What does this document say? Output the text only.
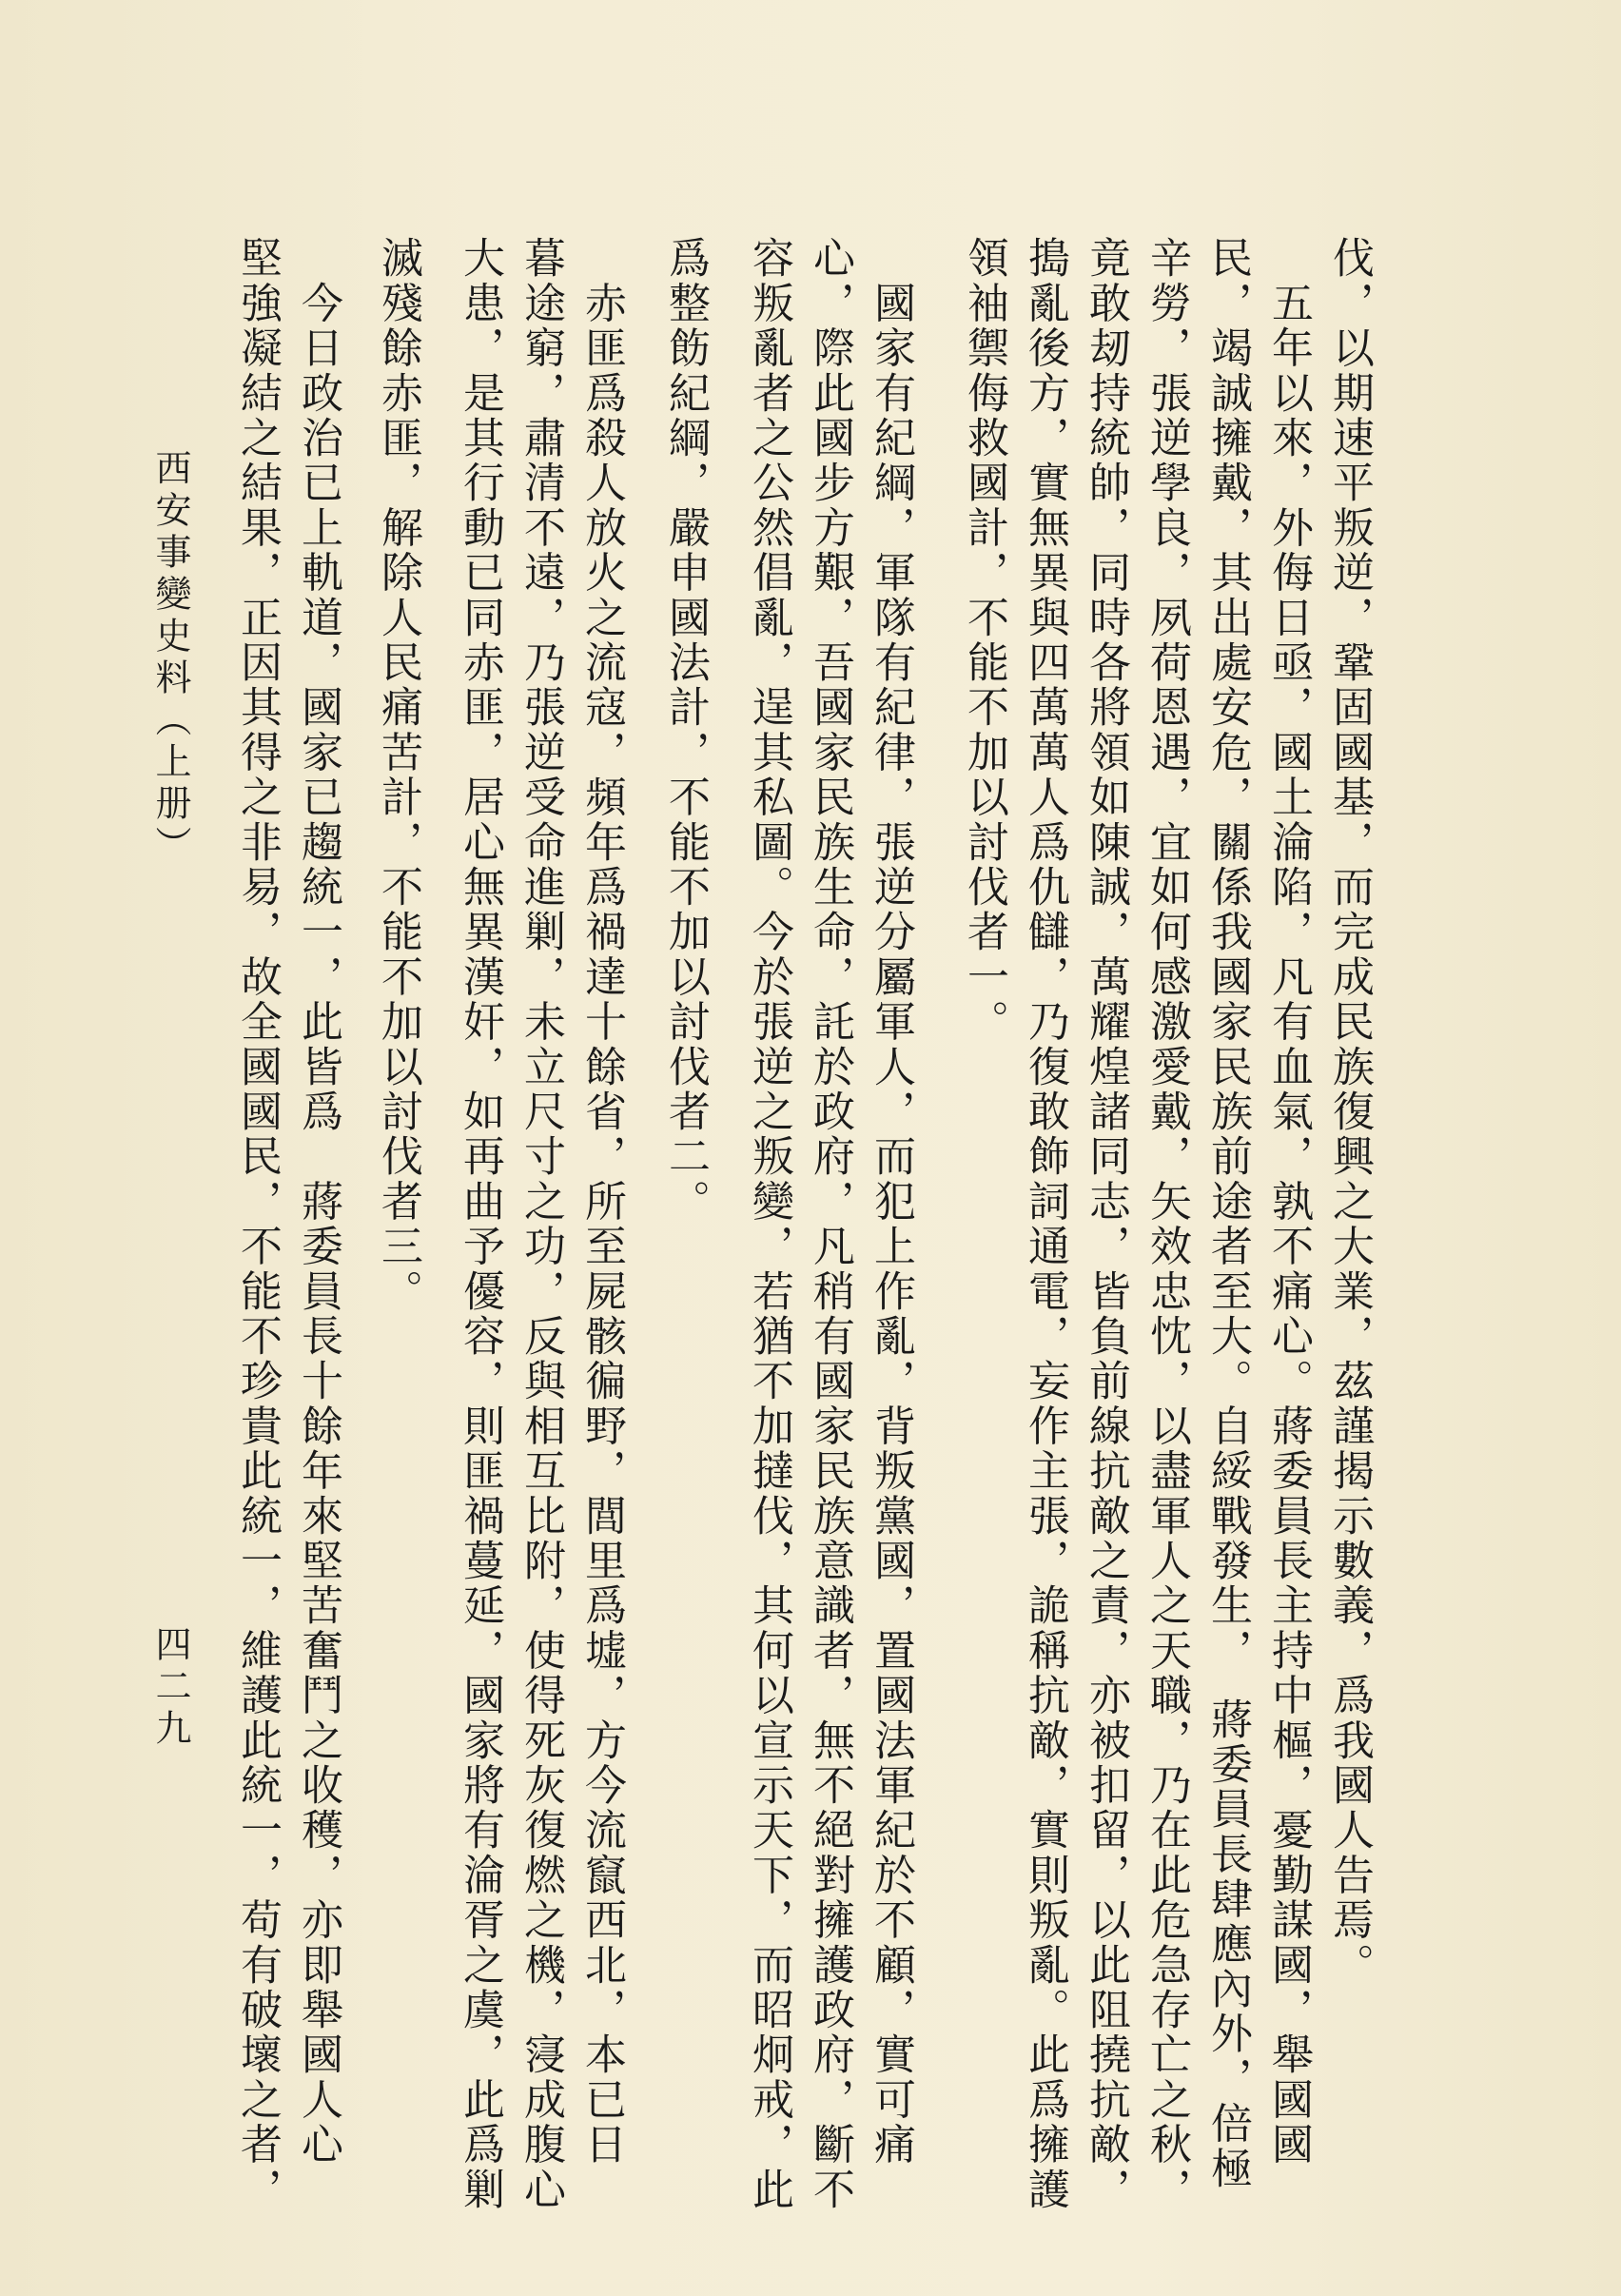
伐，以期速平叛逆，鞏固國基，而完成民族復興之大業，茲謹揭示數義，爲我國人告焉。
　五年以來，外侮日亟，國土淪陷，凡有血氣，孰不痛心。蔣委員長主持中樞，憂勤謀國，舉國國
民，竭誠擁戴，其出處安危，關係我國家民族前途者至大。自綏戰發生，　蔣委員長肆應內外，倍極
辛勞，張逆學良，夙荷恩遇，宜如何感激愛戴，矢效忠忱，以盡軍人之天職，乃在此危急存亡之秋，
竟敢刼持統帥，同時各將領如陳誠，萬耀煌諸同志，皆負前線抗敵之責，亦被扣留，以此阻撓抗敵，
搗亂後方，實無異與四萬萬人爲仇讎，乃復敢飾詞通電，妄作主張，詭稱抗敵，實則叛亂。此爲擁護
領袖禦侮救國計，不能不加以討伐者一。
　國家有紀綱，軍隊有紀律，張逆分屬軍人，而犯上作亂，背叛黨國，置國法軍紀於不顧，實可痛
心，際此國步方艱，吾國家民族生命，託於政府，凡稍有國家民族意識者，無不絕對擁護政府，斷不
容叛亂者之公然倡亂，逞其私圖。今於張逆之叛變，若猶不加撻伐，其何以宣示天下，而昭炯戒，此
爲整飭紀綱，嚴申國法計，不能不加以討伐者二。
　赤匪爲殺人放火之流寇，頻年爲禍達十餘省，所至屍骸徧野，閭里爲墟，方今流竄西北，本已日
暮途窮，肅清不遠，乃張逆受命進剿，未立尺寸之功，反與相互比附，使得死灰復燃之機，寖成腹心
大患，是其行動已同赤匪，居心無異漢奸，如再曲予優容，則匪禍蔓延，國家將有淪胥之虞，此爲剿
滅殘餘赤匪，解除人民痛苦計，不能不加以討伐者三。
　今日政治已上軌道，國家已趨統一，此皆爲　蔣委員長十餘年來堅苦奮鬥之收穫，亦即舉國人心
堅強凝結之結果，正因其得之非易，故全國國民，不能不珍貴此統一，維護此統一，苟有破壞之者，
西安事變史料（上册）
四二九
